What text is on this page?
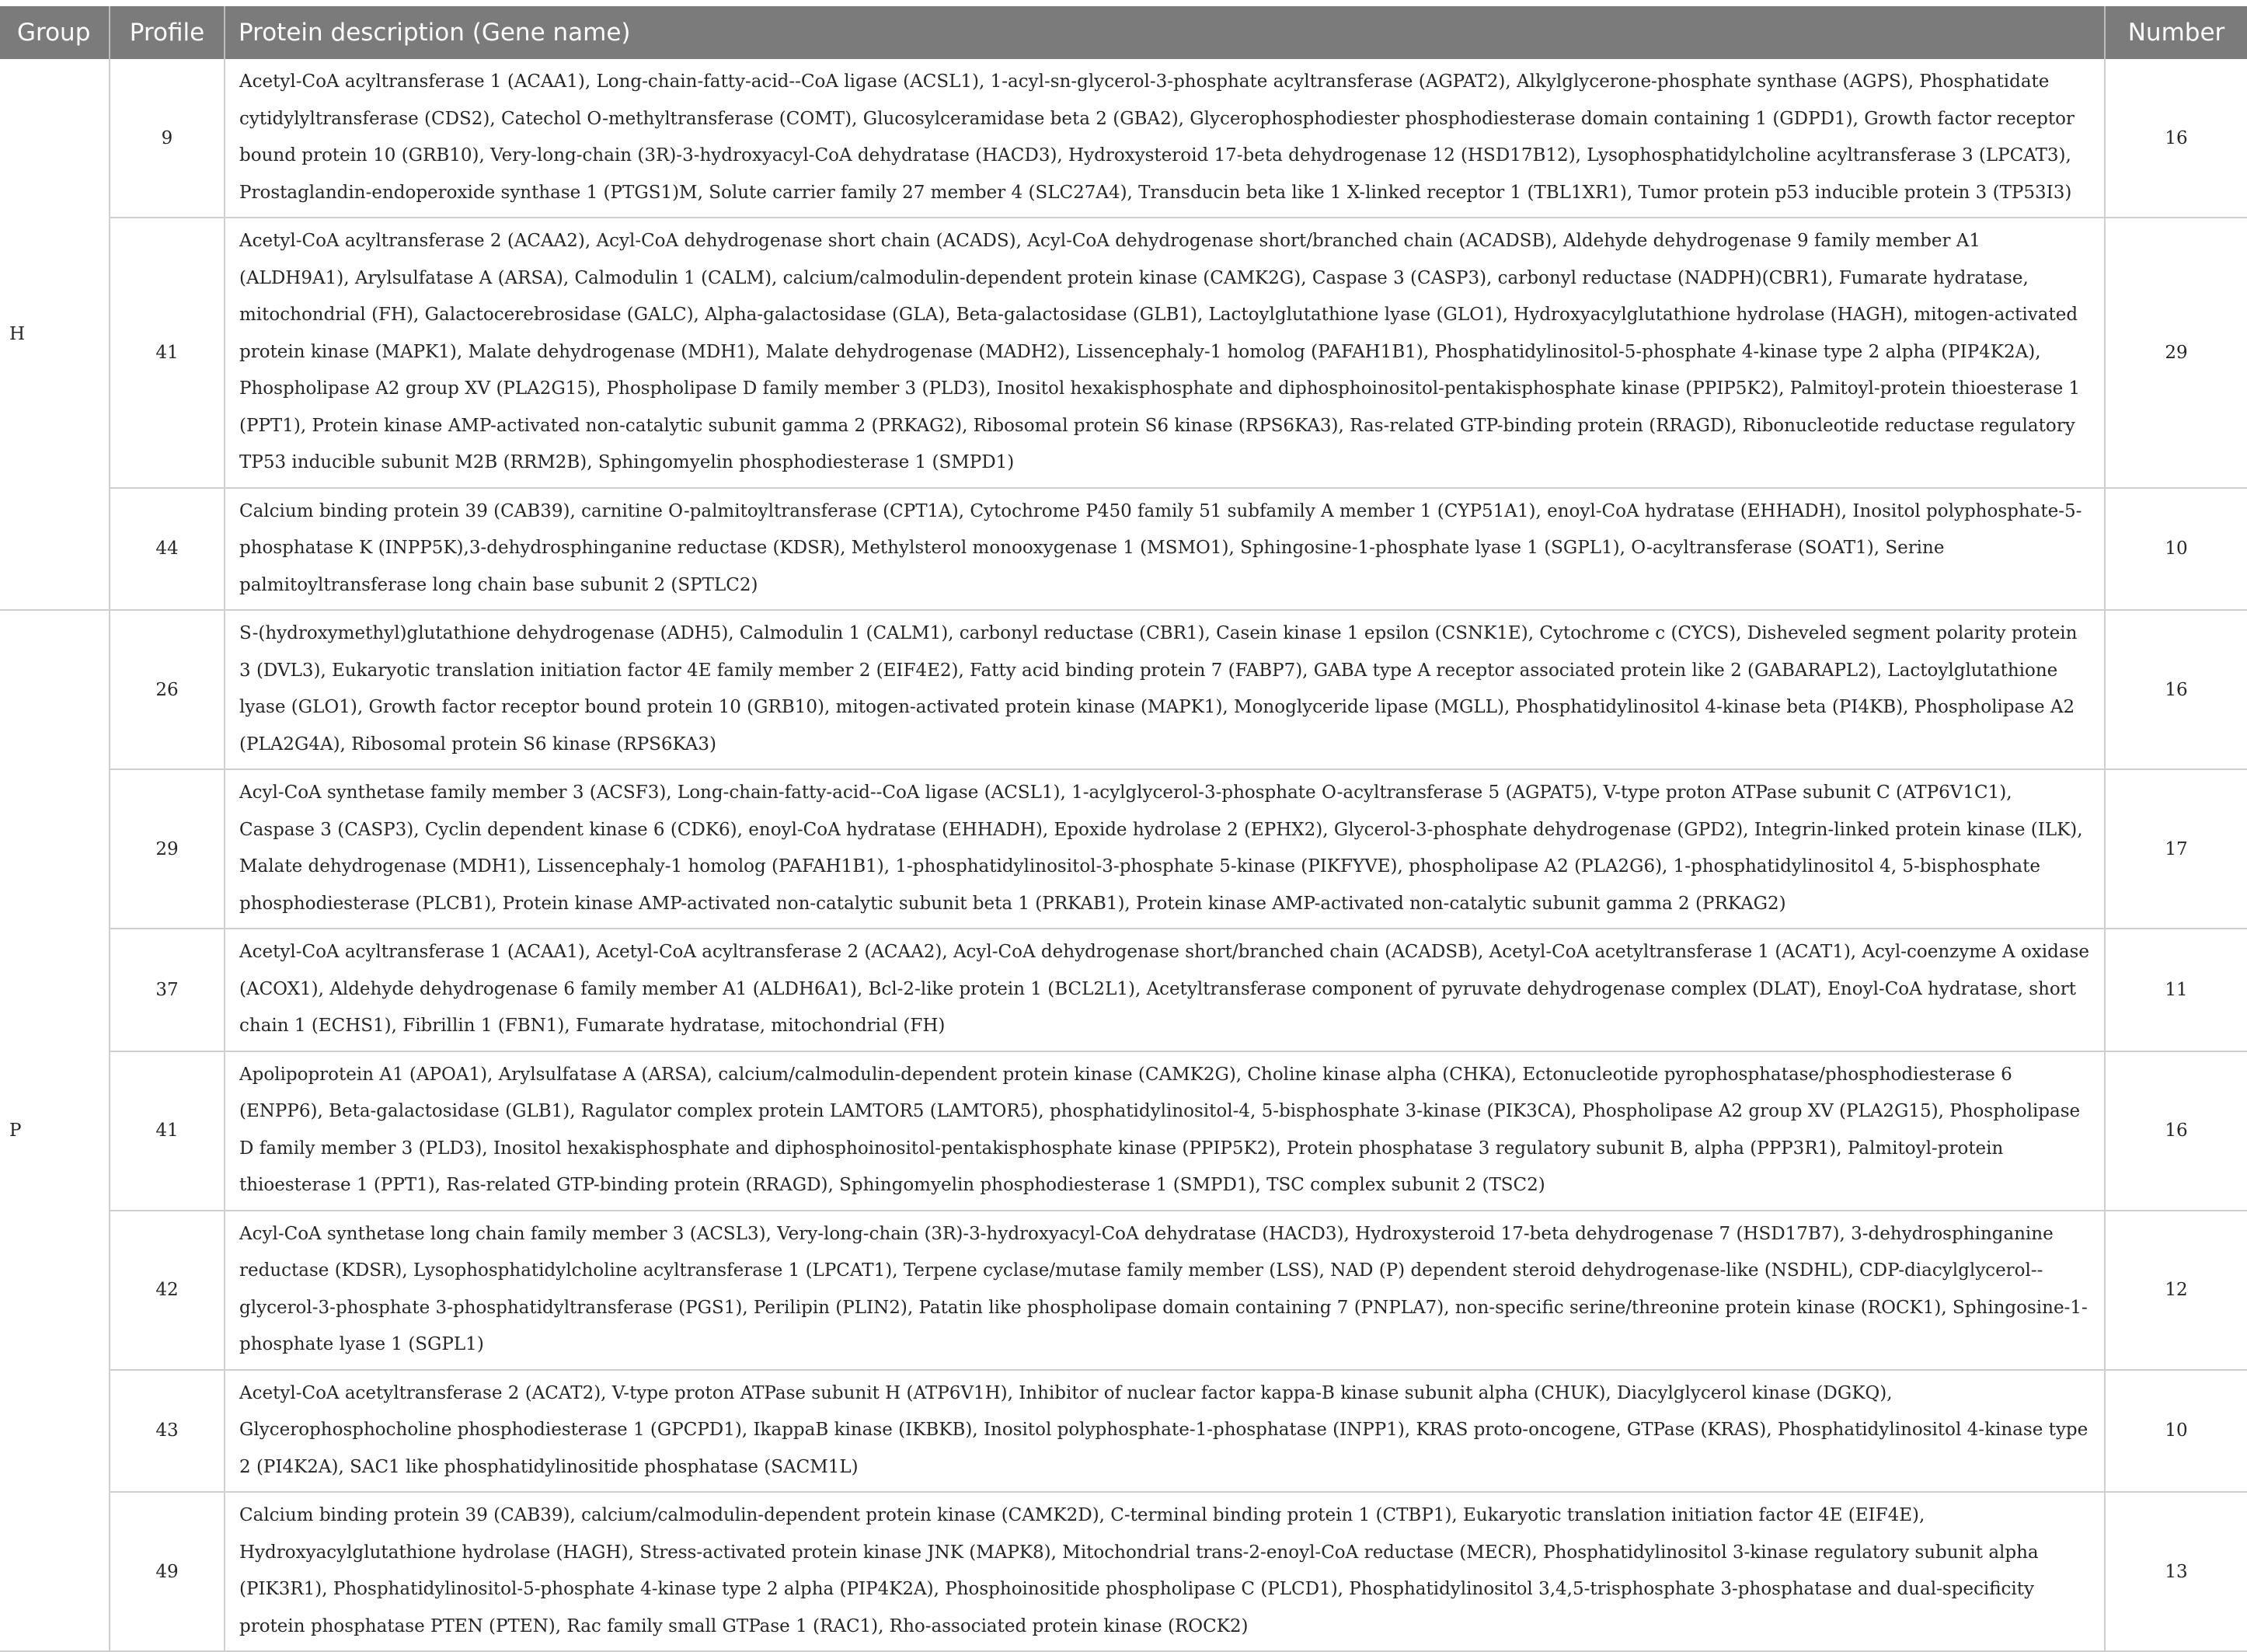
Group	Profile	Protein description (Gene name)	Number
H	9	Acetyl-CoA acyltransferase 1 (ACAA1), Long-chain-fatty-acid--CoA ligase (ACSL1), 1-acyl-sn-glycerol-3-phosphate acyltransferase (AGPAT2), Alkylglycerone-phosphate synthase (AGPS), Phosphatidate cytidylyltransferase (CDS2), Catechol O-methyltransferase (COMT), Glucosylceramidase beta 2 (GBA2), Glycerophosphodiester phosphodiesterase domain containing 1 (GDPD1), Growth factor receptor bound protein 10 (GRB10), Very-long-chain (3R)-3-hydroxyacyl-CoA dehydratase (HACD3), Hydroxysteroid 17-beta dehydrogenase 12 (HSD17B12), Lysophosphatidylcholine acyltransferase 3 (LPCAT3), Prostaglandin-endoperoxide synthase 1 (PTGS1)M, Solute carrier family 27 member 4 (SLC27A4), Transducin beta like 1 X-linked receptor 1 (TBL1XR1), Tumor protein p53 inducible protein 3 (TP53I3)	16
	41	Acetyl-CoA acyltransferase 2 (ACAA2), Acyl-CoA dehydrogenase short chain (ACADS), Acyl-CoA dehydrogenase short/branched chain (ACADSB), Aldehyde dehydrogenase 9 family member A1 (ALDH9A1), Arylsulfatase A (ARSA), Calmodulin 1 (CALM), calcium/calmodulin-dependent protein kinase (CAMK2G), Caspase 3 (CASP3), carbonyl reductase (NADPH)(CBR1), Fumarate hydratase, mitochondrial (FH), Galactocerebrosidase (GALC), Alpha-galactosidase (GLA), Beta-galactosidase (GLB1), Lactoylglutathione lyase (GLO1), Hydroxyacylglutathione hydrolase (HAGH), mitogen-activated protein kinase (MAPK1), Malate dehydrogenase (MDH1), Malate dehydrogenase (MADH2), Lissencephaly-1 homolog (PAFAH1B1), Phosphatidylinositol-5-phosphate 4-kinase type 2 alpha (PIP4K2A), Phospholipase A2 group XV (PLA2G15), Phospholipase D family member 3 (PLD3), Inositol hexakisphosphate and diphosphoinositol-pentakisphosphate kinase (PPIP5K2), Palmitoyl-protein thioesterase 1 (PPT1), Protein kinase AMP-activated non-catalytic subunit gamma 2 (PRKAG2), Ribosomal protein S6 kinase (RPS6KA3), Ras-related GTP-binding protein (RRAGD), Ribonucleotide reductase regulatory TP53 inducible subunit M2B (RRM2B), Sphingomyelin phosphodiesterase 1 (SMPD1)	29
	44	Calcium binding protein 39 (CAB39), carnitine O-palmitoyltransferase (CPT1A), Cytochrome P450 family 51 subfamily A member 1 (CYP51A1), enoyl-CoA hydratase (EHHADH), Inositol polyphosphate-5-phosphatase K (INPP5K),3-dehydrosphinganine reductase (KDSR), Methylsterol monooxygenase 1 (MSMO1), Sphingosine-1-phosphate lyase 1 (SGPL1), O-acyltransferase (SOAT1), Serine palmitoyltransferase long chain base subunit 2 (SPTLC2)	10
P	26	S-(hydroxymethyl)glutathione dehydrogenase (ADH5), Calmodulin 1 (CALM1), carbonyl reductase (CBR1), Casein kinase 1 epsilon (CSNK1E), Cytochrome c (CYCS), Disheveled segment polarity protein 3 (DVL3), Eukaryotic translation initiation factor 4E family member 2 (EIF4E2), Fatty acid binding protein 7 (FABP7), GABA type A receptor associated protein like 2 (GABARAPL2), Lactoylglutathione lyase (GLO1), Growth factor receptor bound protein 10 (GRB10), mitogen-activated protein kinase (MAPK1), Monoglyceride lipase (MGLL), Phosphatidylinositol 4-kinase beta (PI4KB), Phospholipase A2 (PLA2G4A), Ribosomal protein S6 kinase (RPS6KA3)	16
	29	Acyl-CoA synthetase family member 3 (ACSF3), Long-chain-fatty-acid--CoA ligase (ACSL1), 1-acylglycerol-3-phosphate O-acyltransferase 5 (AGPAT5), V-type proton ATPase subunit C (ATP6V1C1), Caspase 3 (CASP3), Cyclin dependent kinase 6 (CDK6), enoyl-CoA hydratase (EHHADH), Epoxide hydrolase 2 (EPHX2), Glycerol-3-phosphate dehydrogenase (GPD2), Integrin-linked protein kinase (ILK), Malate dehydrogenase (MDH1), Lissencephaly-1 homolog (PAFAH1B1), 1-phosphatidylinositol-3-phosphate 5-kinase (PIKFYVE), phospholipase A2 (PLA2G6), 1-phosphatidylinositol 4, 5-bisphosphate phosphodiesterase (PLCB1), Protein kinase AMP-activated non-catalytic subunit beta 1 (PRKAB1), Protein kinase AMP-activated non-catalytic subunit gamma 2 (PRKAG2)	17
	37	Acetyl-CoA acyltransferase 1 (ACAA1), Acetyl-CoA acyltransferase 2 (ACAA2), Acyl-CoA dehydrogenase short/branched chain (ACADSB), Acetyl-CoA acetyltransferase 1 (ACAT1), Acyl-coenzyme A oxidase (ACOX1), Aldehyde dehydrogenase 6 family member A1 (ALDH6A1), Bcl-2-like protein 1 (BCL2L1), Acetyltransferase component of pyruvate dehydrogenase complex (DLAT), Enoyl-CoA hydratase, short chain 1 (ECHS1), Fibrillin 1 (FBN1), Fumarate hydratase, mitochondrial (FH)	11
	41	Apolipoprotein A1 (APOA1), Arylsulfatase A (ARSA), calcium/calmodulin-dependent protein kinase (CAMK2G), Choline kinase alpha (CHKA), Ectonucleotide pyrophosphatase/phosphodiesterase 6 (ENPP6), Beta-galactosidase (GLB1), Ragulator complex protein LAMTOR5 (LAMTOR5), phosphatidylinositol-4, 5-bisphosphate 3-kinase (PIK3CA), Phospholipase A2 group XV (PLA2G15), Phospholipase D family member 3 (PLD3), Inositol hexakisphosphate and diphosphoinositol-pentakisphosphate kinase (PPIP5K2), Protein phosphatase 3 regulatory subunit B, alpha (PPP3R1), Palmitoyl-protein thioesterase 1 (PPT1), Ras-related GTP-binding protein (RRAGD), Sphingomyelin phosphodiesterase 1 (SMPD1), TSC complex subunit 2 (TSC2)	16
	42	Acyl-CoA synthetase long chain family member 3 (ACSL3), Very-long-chain (3R)-3-hydroxyacyl-CoA dehydratase (HACD3), Hydroxysteroid 17-beta dehydrogenase 7 (HSD17B7), 3-dehydrosphinganine reductase (KDSR), Lysophosphatidylcholine acyltransferase 1 (LPCAT1), Terpene cyclase/mutase family member (LSS), NAD (P) dependent steroid dehydrogenase-like (NSDHL), CDP-diacylglycerol--glycerol-3-phosphate 3-phosphatidyltransferase (PGS1), Perilipin (PLIN2), Patatin like phospholipase domain containing 7 (PNPLA7), non-specific serine/threonine protein kinase (ROCK1), Sphingosine-1-phosphate lyase 1 (SGPL1)	12
	43	Acetyl-CoA acetyltransferase 2 (ACAT2), V-type proton ATPase subunit H (ATP6V1H), Inhibitor of nuclear factor kappa-B kinase subunit alpha (CHUK), Diacylglycerol kinase (DGKQ), Glycerophosphocholine phosphodiesterase 1 (GPCPD1), IkappaB kinase (IKBKB), Inositol polyphosphate-1-phosphatase (INPP1), KRAS proto-oncogene, GTPase (KRAS), Phosphatidylinositol 4-kinase type 2 (PI4K2A), SAC1 like phosphatidylinositide phosphatase (SACM1L)	10
	49	Calcium binding protein 39 (CAB39), calcium/calmodulin-dependent protein kinase (CAMK2D), C-terminal binding protein 1 (CTBP1), Eukaryotic translation initiation factor 4E (EIF4E), Hydroxyacylglutathione hydrolase (HAGH), Stress-activated protein kinase JNK (MAPK8), Mitochondrial trans-2-enoyl-CoA reductase (MECR), Phosphatidylinositol 3-kinase regulatory subunit alpha (PIK3R1), Phosphatidylinositol-5-phosphate 4-kinase type 2 alpha (PIP4K2A), Phosphoinositide phospholipase C (PLCD1), Phosphatidylinositol 3,4,5-trisphosphate 3-phosphatase and dual-specificity protein phosphatase PTEN (PTEN), Rac family small GTPase 1 (RAC1), Rho-associated protein kinase (ROCK2)	13
